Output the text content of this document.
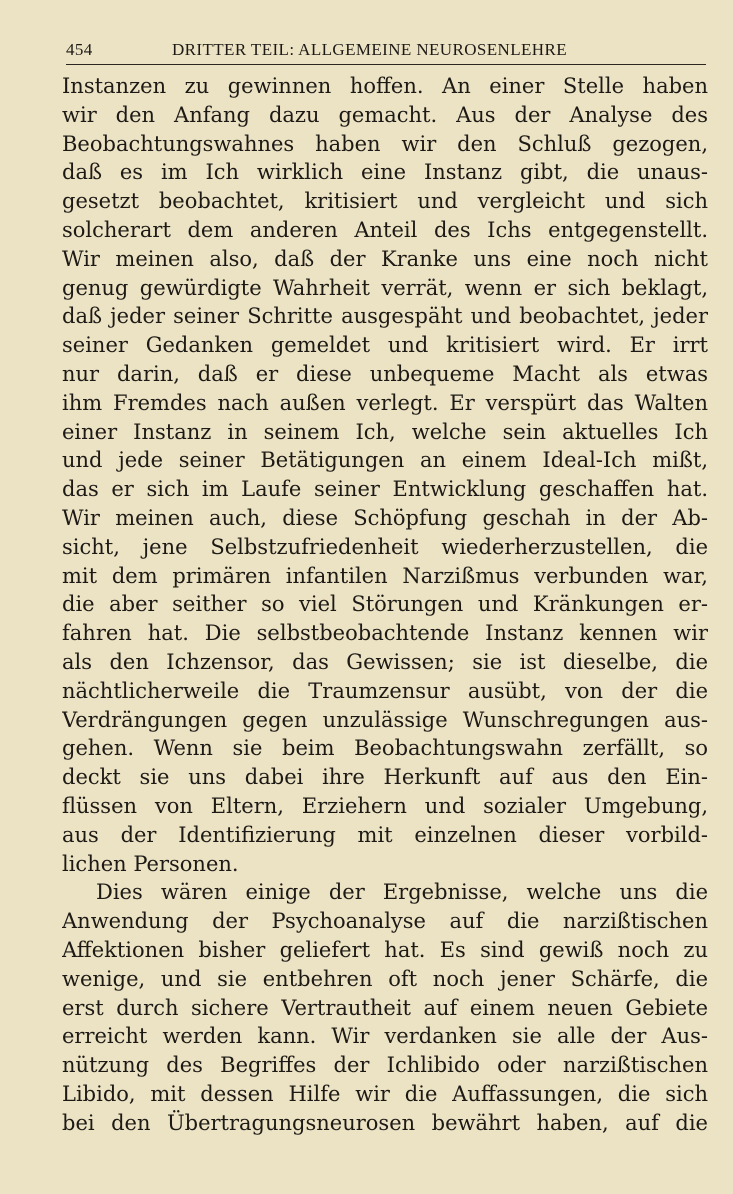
454	DRITTER TEIL: ALLGEMEINE NEUROSENLEHRE
Instanzen zu gewinnen hoffen. An einer Stelle haben
wir den Anfang dazu gemacht. Aus der Analyse des
Beobachtungswahnes haben wir den Schluß gezogen,
daß es im Ich wirklich eine Instanz gibt, die unaus-
gesetzt beobachtet, kritisiert und vergleicht und sich
solcherart dem anderen Anteil des Ichs entgegenstellt.
Wir meinen also, daß der Kranke uns eine noch nicht
genug gewürdigte Wahrheit verrät, wenn er sich beklagt,
daß jeder seiner Schritte ausgespäht und beobachtet, jeder
seiner Gedanken gemeldet und kritisiert wird. Er irrt
nur darin, daß er diese unbequeme Macht als etwas
ihm Fremdes nach außen verlegt. Er verspürt das Walten
einer Instanz in seinem Ich, welche sein aktuelles Ich
und jede seiner Betätigungen an einem Ideal-Ich mißt,
das er sich im Laufe seiner Entwicklung geschaffen hat.
Wir meinen auch, diese Schöpfung geschah in der Ab-
sicht, jene Selbstzufriedenheit wiederherzustellen, die
mit dem primären infantilen Narzißmus verbunden war,
die aber seither so viel Störungen und Kränkungen er-
fahren hat. Die selbstbeobachtende Instanz kennen wir
als den Ichzensor, das Gewissen; sie ist dieselbe, die
nächtlicherweile die Traumzensur ausübt, von der die
Verdrängungen gegen unzulässige Wunschregungen aus-
gehen. Wenn sie beim Beobachtungswahn zerfällt, so
deckt sie uns dabei ihre Herkunft auf aus den Ein-
flüssen von Eltern, Erziehern und sozialer Umgebung,
aus der Identifizierung mit einzelnen dieser vorbild-
lichen Personen.
Dies wären einige der Ergebnisse, welche uns die
Anwendung der Psychoanalyse auf die narzißtischen
Affektionen bisher geliefert hat. Es sind gewiß noch zu
wenige, und sie entbehren oft noch jener Schärfe, die
erst durch sichere Vertrautheit auf einem neuen Gebiete
erreicht werden kann. Wir verdanken sie alle der Aus-
nützung des Begriffes der Ichlibido oder narzißtischen
Libido, mit dessen Hilfe wir die Auffassungen, die sich
bei den Übertragungsneurosen bewährt haben, auf die
